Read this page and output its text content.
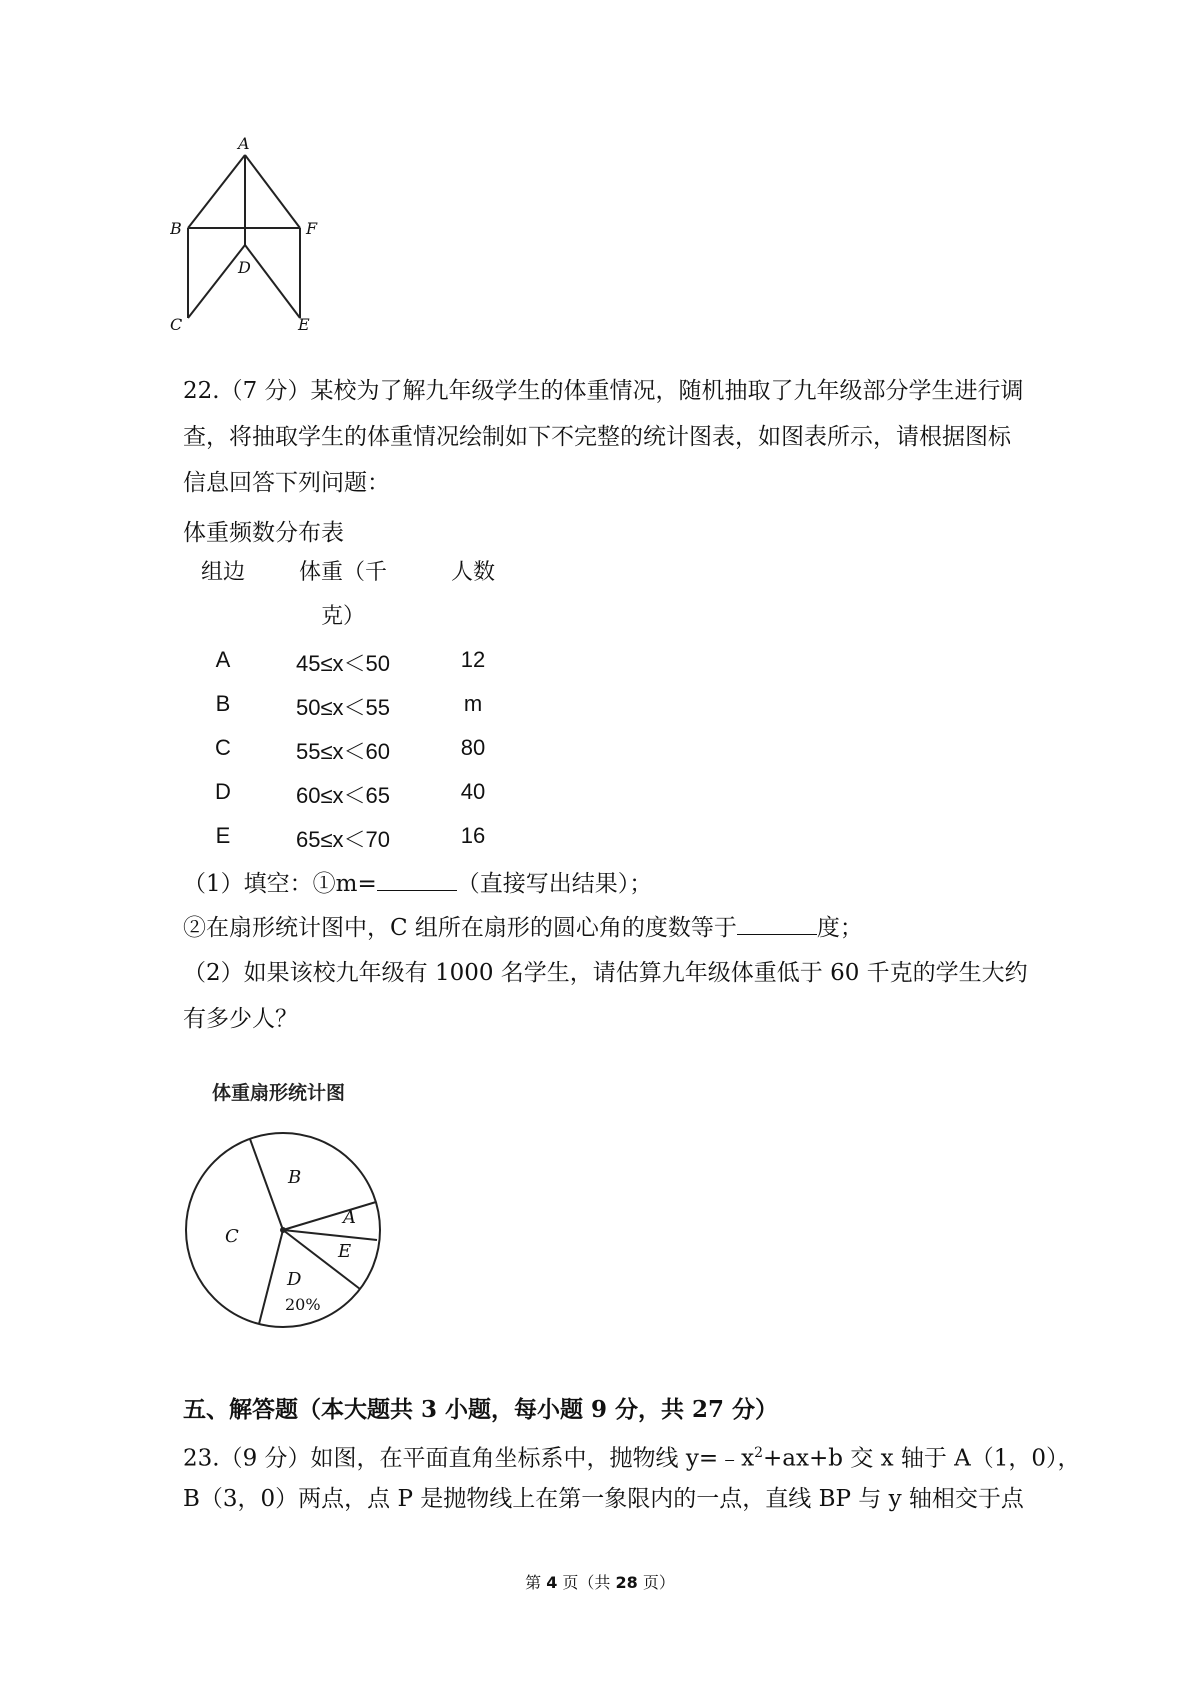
A
B	F
D
C	E

22.（7 分）某校为了解九年级学生的体重情况，随机抽取了九年级部分学生进行调查，将抽取学生的体重情况绘制如下不完整的统计图表，如图表所示，请根据图标信息回答下列问题：

体重频数分布表
组边	体重（千	人数
克）
A	45≤x＜50	12
B	50≤x＜55	m
C	55≤x＜60	80
D	60≤x＜65	40
E	65≤x＜70	16
（1）填空：①m=	（直接写出结果）；
②在扇形统计图中，C 组所在扇形的圆心角的度数等于	度；

（2）如果该校九年级有 1000 名学生，请估算九年级体重低于 60 千克的学生大约有多少人？

体重扇形统计图
B
A
E
C
D
20%
五、解答题（本大题共 3 小题，每小题 9 分，共 27 分）
23.（9 分）如图，在平面直角坐标系中，抛物线 $y=﹣x^2+ax+b$ 交 x 轴于 A（1，0），
B（3，0）两点，点 P 是抛物线上在第一象限内的一点，直线 BP 与 y 轴相交于点
第 4 页（共 28 页）
